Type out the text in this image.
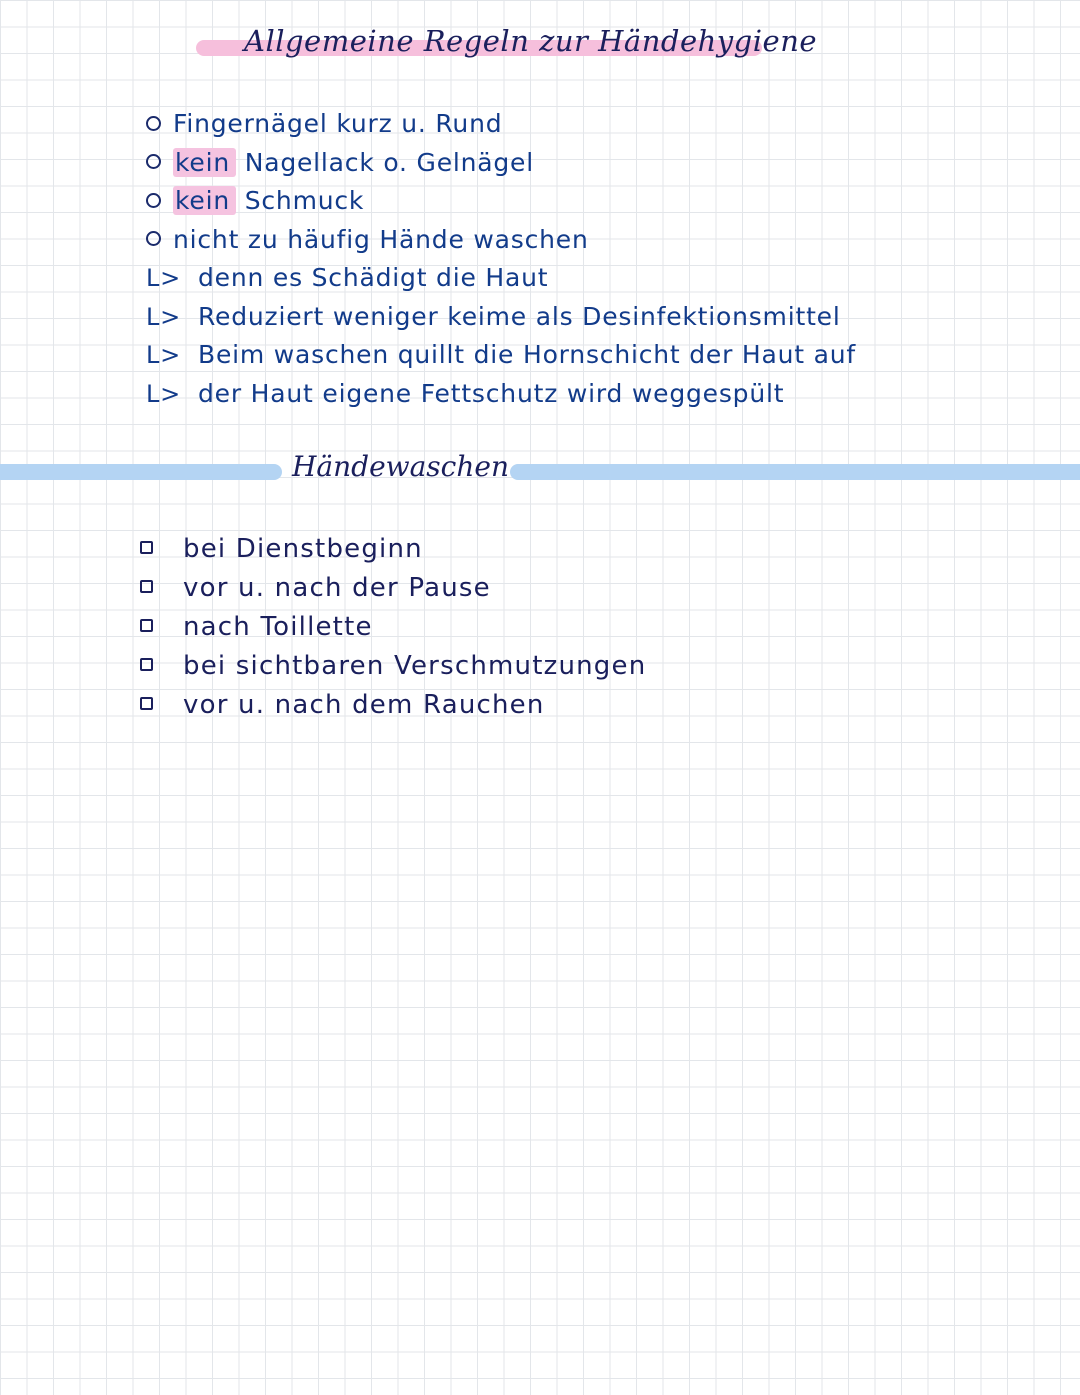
Allgemeine Regeln zur Händehygiene
Fingernägel kurz u. Rund
kein Nagellack o. Gelnägel
kein Schmuck
nicht zu häufig Hände waschen
L> denn es Schädigt die Haut
L> Reduziert weniger keime als Desinfektionsmittel
L> Beim waschen quillt die Hornschicht der Haut auf
L> der Haut eigene Fettschutz wird weggespült
Händewaschen
bei Dienstbeginn
vor u. nach der Pause
nach Toillette
bei sichtbaren Verschmutzungen
vor u. nach dem Rauchen
